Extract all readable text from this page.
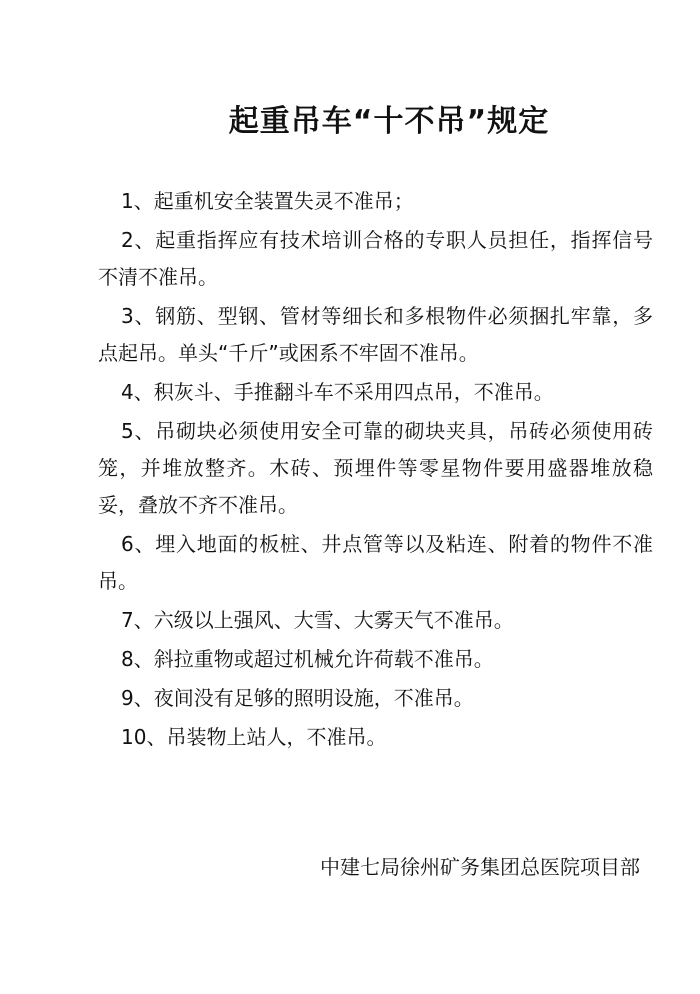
起重吊车“十不吊”规定
1、起重机安全装置失灵不准吊；
2、起重指挥应有技术培训合格的专职人员担任，指挥信号不清不准吊。
3、钢筋、型钢、管材等细长和多根物件必须捆扎牢靠，多点起吊。单头“千斤”或困系不牢固不准吊。
4、积灰斗、手推翻斗车不采用四点吊，不准吊。
5、吊砌块必须使用安全可靠的砌块夹具，吊砖必须使用砖笼，并堆放整齐。木砖、预埋件等零星物件要用盛器堆放稳妥，叠放不齐不准吊。
6、埋入地面的板桩、井点管等以及粘连、附着的物件不准吊。
7、六级以上强风、大雪、大雾天气不准吊。
8、斜拉重物或超过机械允许荷载不准吊。
9、夜间没有足够的照明设施，不准吊。
10、吊装物上站人，不准吊。
中建七局徐州矿务集团总医院项目部
